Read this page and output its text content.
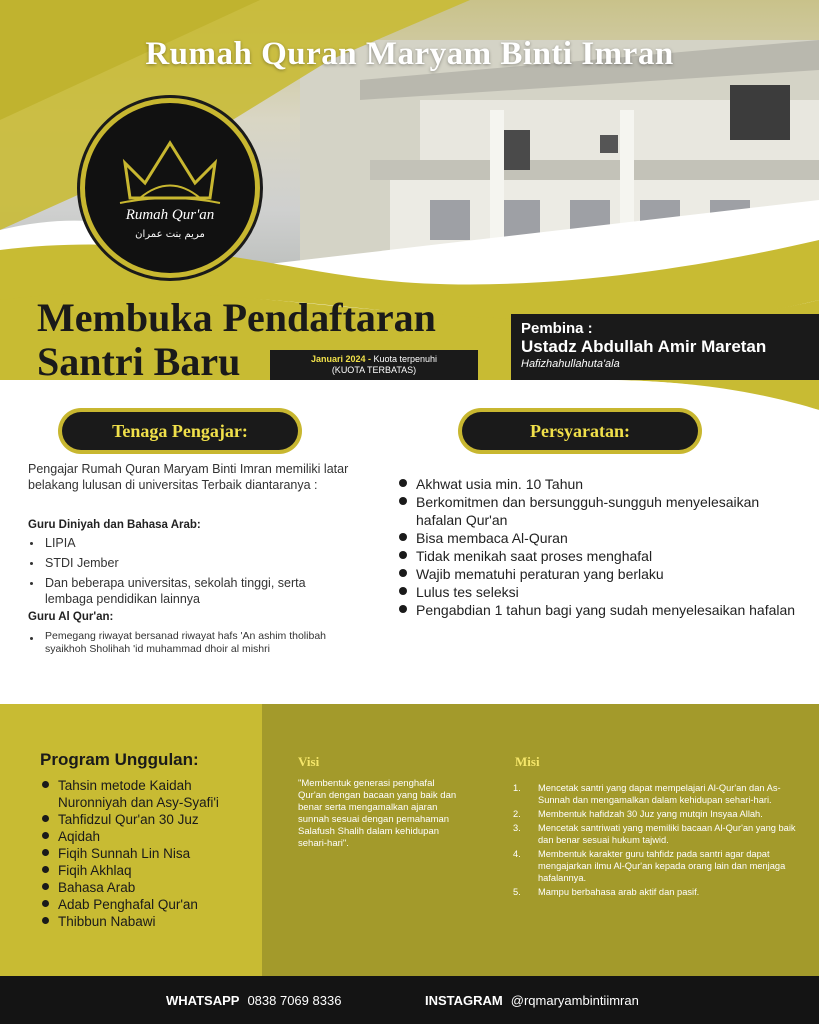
Rumah Quran Maryam Binti Imran
Rumah Qur'an
مريم بنت عمران
Membuka Pendaftaran
Santri Baru	Januari 2024 - Kuota terpenuhi
(KUOTA TERBATAS)
Pembina :
Ustadz Abdullah Amir Maretan
Hafizhahullahuta'ala
Tenaga Pengajar:	Persyaratan:
Pengajar Rumah Quran Maryam Binti Imran memiliki latar belakang lulusan di universitas Terbaik diantaranya :
Guru Diniyah dan Bahasa Arab:
LIPIA
STDI Jember
Dan beberapa universitas, sekolah tinggi, serta lembaga pendidikan lainnya
Guru Al Qur'an:
Pemegang riwayat bersanad riwayat hafs 'An ashim tholibah syaikhoh Sholihah 'id muhammad dhoir al mishri
Akhwat usia min. 10 Tahun
Berkomitmen dan bersungguh-sungguh menyelesaikan hafalan Qur'an
Bisa membaca Al-Quran
Tidak menikah saat proses menghafal
Wajib mematuhi peraturan yang berlaku
Lulus tes seleksi
Pengabdian 1 tahun bagi yang sudah menyelesaikan hafalan
Program Unggulan:
Tahsin metode Kaidah Nuronniyah dan Asy-Syafi'i
Tahfidzul Qur'an 30 Juz
Aqidah
Fiqih Sunnah Lin Nisa
Fiqih Akhlaq
Bahasa Arab
Adab Penghafal Qur'an
Thibbun Nabawi
Visi
"Membentuk generasi penghafal Qur'an dengan bacaan yang baik dan benar serta mengamalkan ajaran sunnah sesuai dengan pemahaman Salafush Shalih dalam kehidupan sehari-hari".
Misi
1. Mencetak santri yang dapat mempelajari Al-Qur'an dan As-Sunnah dan mengamalkan dalam kehidupan sehari-hari.
2. Membentuk hafidzah 30 Juz yang mutqin Insyaa Allah.
3. Mencetak santriwati yang memiliki bacaan Al-Qur'an yang baik dan benar sesuai hukum tajwid.
4. Membentuk karakter guru tahfidz pada santri agar dapat mengajarkan ilmu Al-Qur'an kepada orang lain dan menjaga hafalannya.
5. Mampu berbahasa arab aktif dan pasif.
WHATSAPP 0838 7069 8336	INSTAGRAM @rqmaryambintiimran
